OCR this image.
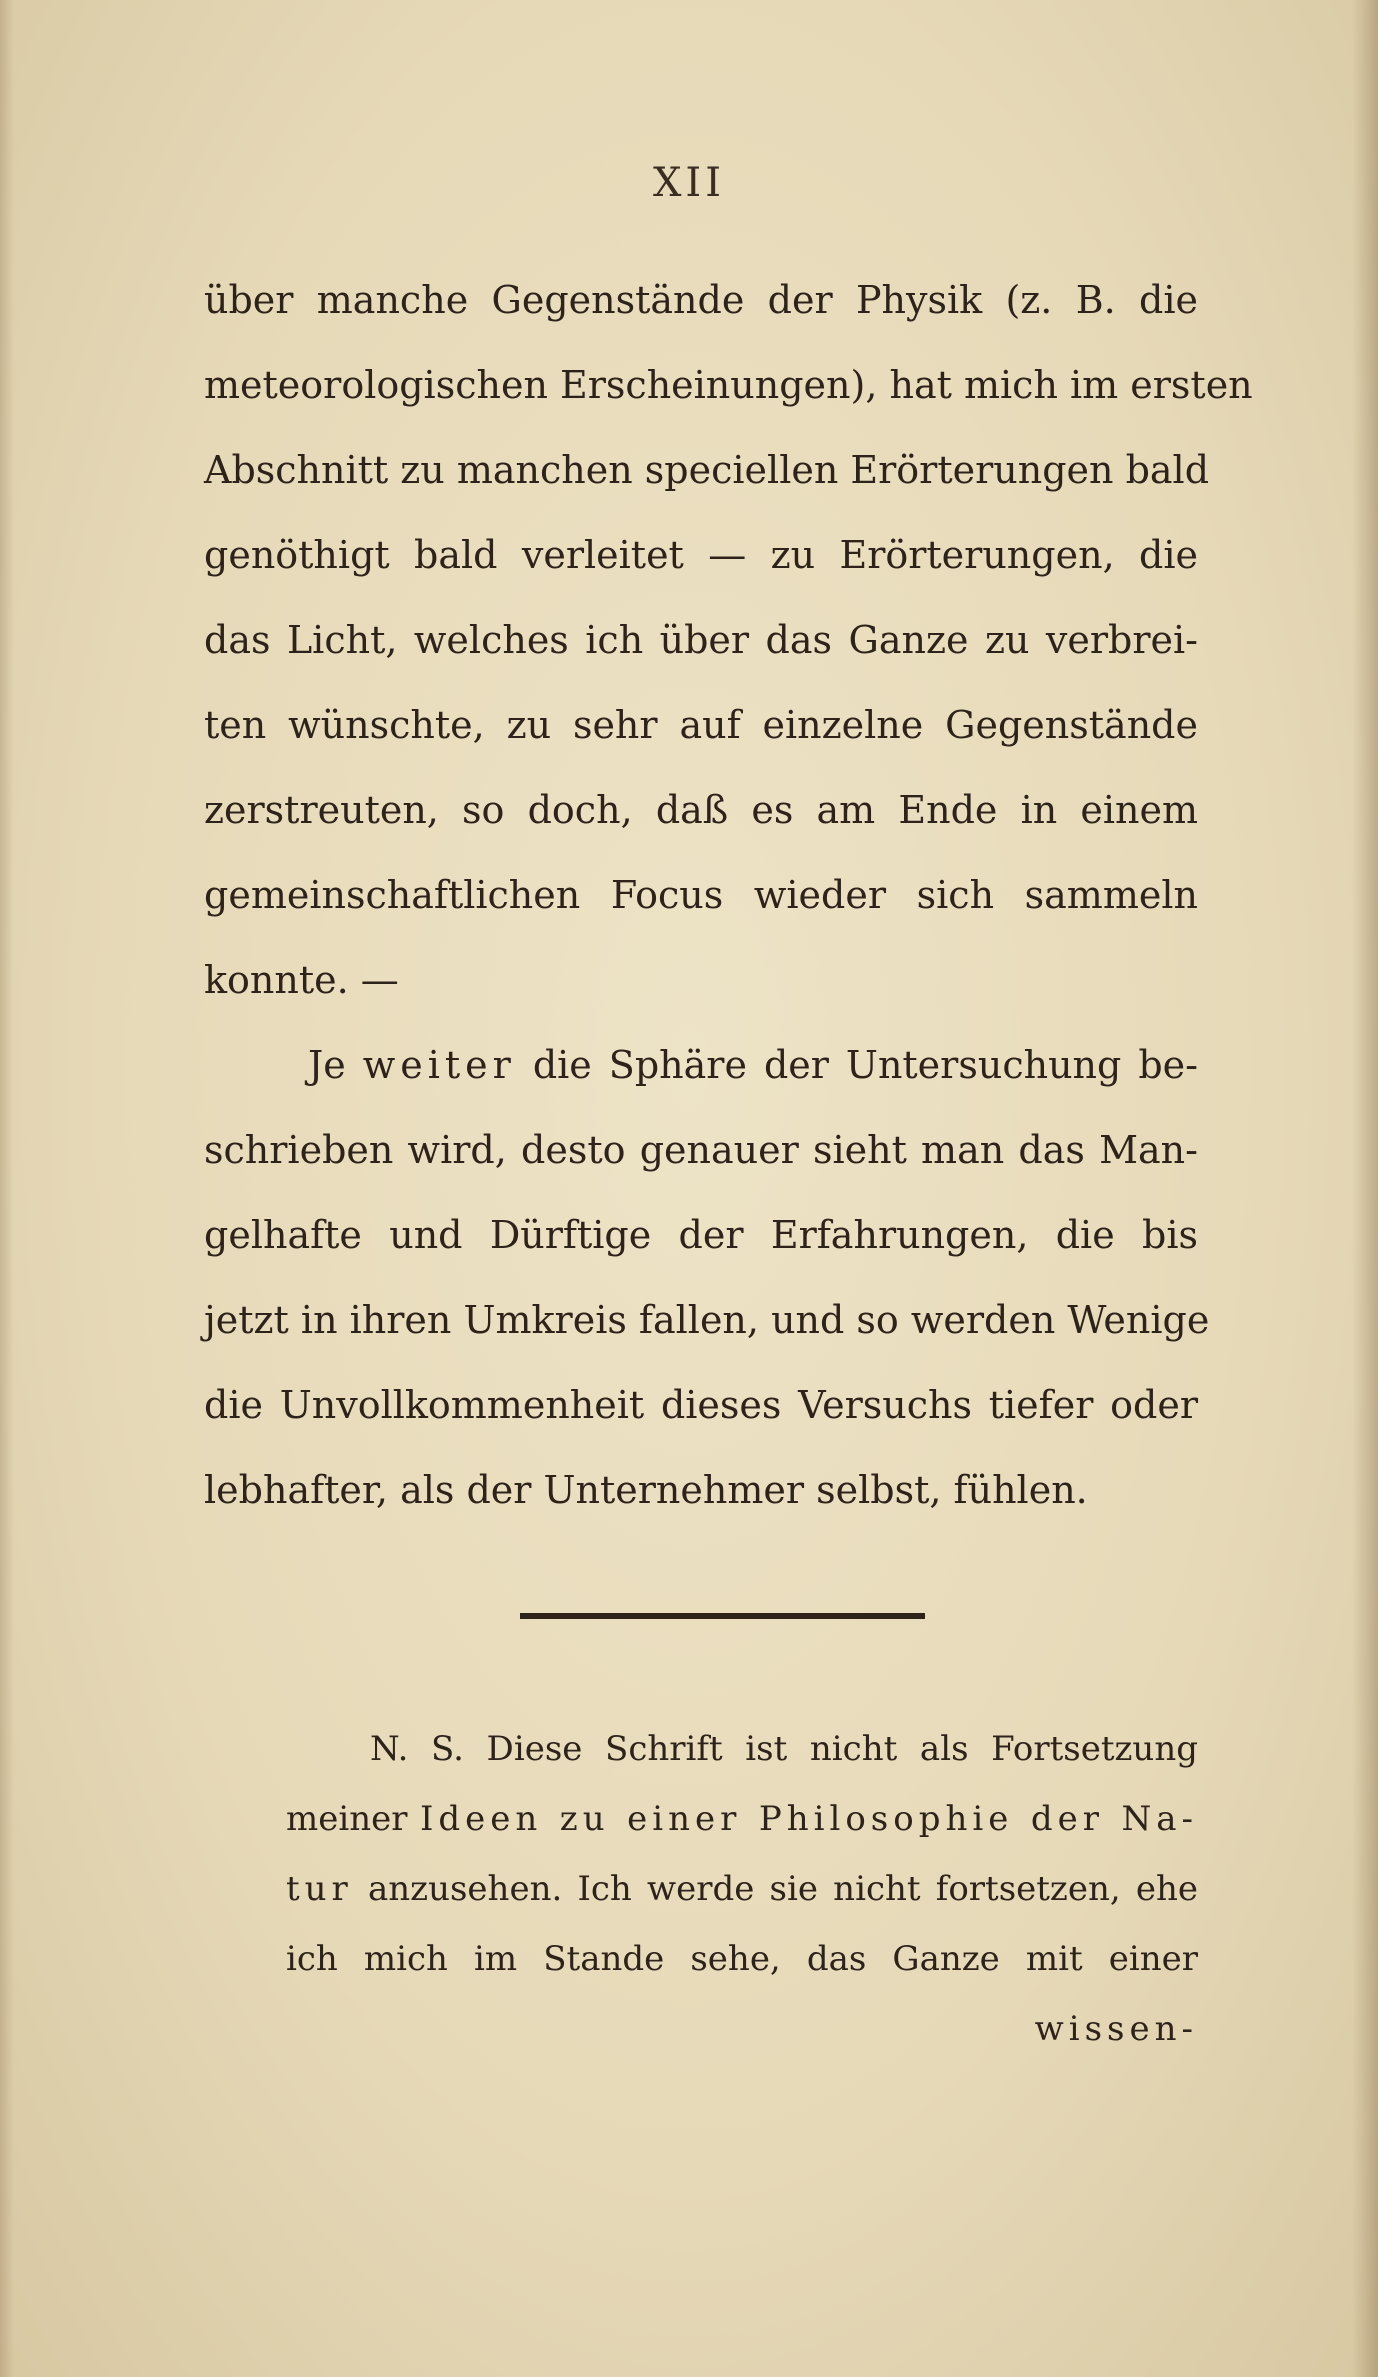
XII
über manche Gegenstände der Physik (z. B. die
meteorologischen Erscheinungen), hat mich im ersten
Abschnitt zu manchen speciellen Erörterungen bald
genöthigt bald verleitet — zu Erörterungen, die
das Licht, welches ich über das Ganze zu verbrei-
ten wünschte, zu sehr auf einzelne Gegenstände
zerstreuten, so doch, daß es am Ende in einem
gemeinschaftlichen Focus wieder sich sammeln
konnte. —
Je weiter die Sphäre der Untersuchung be-
schrieben wird, desto genauer sieht man das Man-
gelhafte und Dürftige der Erfahrungen, die bis
jetzt in ihren Umkreis fallen, und so werden Wenige
die Unvollkommenheit dieses Versuchs tiefer oder
lebhafter, als der Unternehmer selbst, fühlen.
N. S. Diese Schrift ist nicht als Fortsetzung
meiner Ideen zu einer Philosophie der Na-
tur anzusehen. Ich werde sie nicht fortsetzen, ehe
ich mich im Stande sehe, das Ganze mit einer
wissen-
